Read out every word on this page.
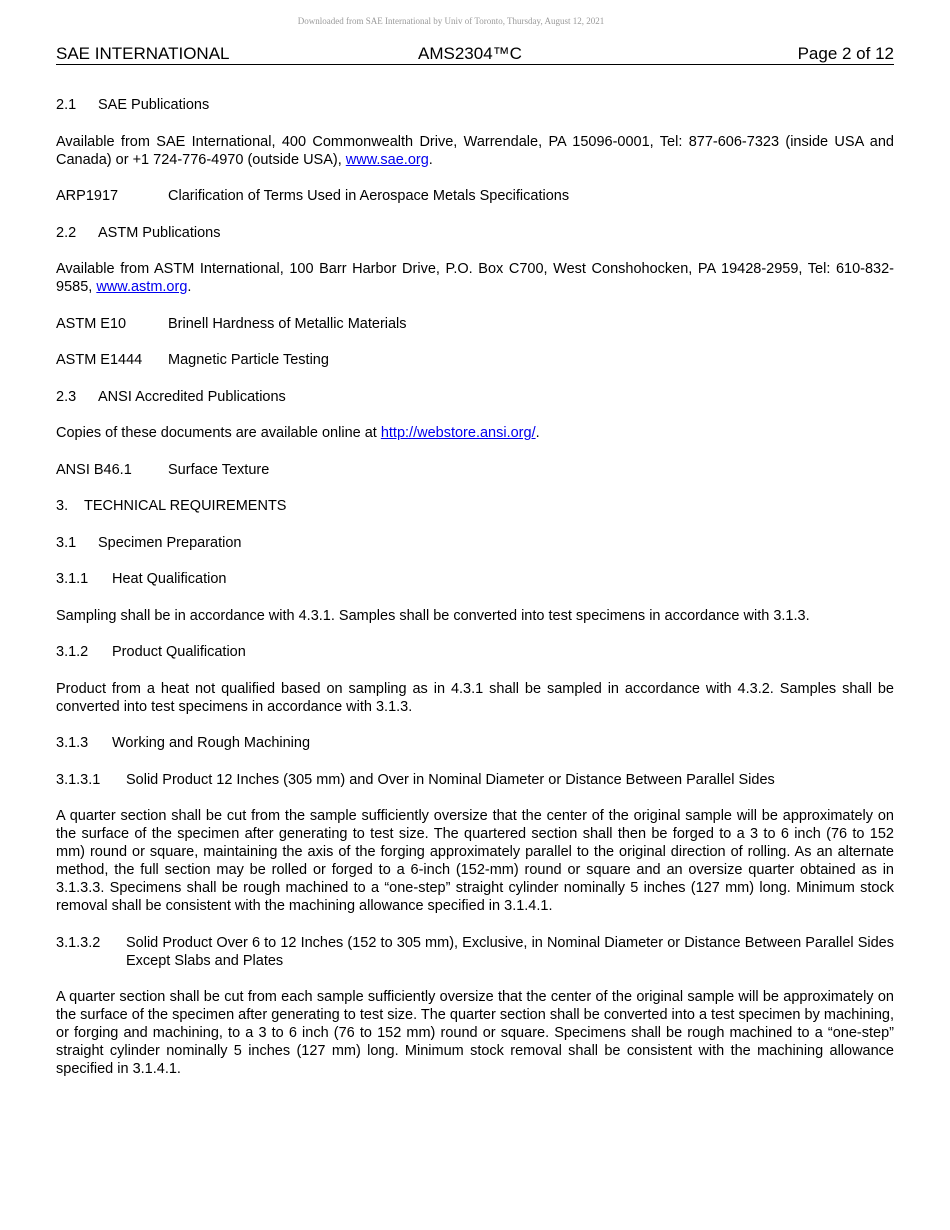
Downloaded from SAE International by Univ of Toronto, Thursday, August 12, 2021
SAE INTERNATIONAL	AMS2304™C	Page 2 of 12

2.1 SAE Publications

Available from SAE International, 400 Commonwealth Drive, Warrendale, PA 15096-0001, Tel: 877-606-7323 (inside USA and Canada) or +1 724-776-4970 (outside USA), www.sae.org.

ARP1917	Clarification of Terms Used in Aerospace Metals Specifications

2.2 ASTM Publications

Available from ASTM International, 100 Barr Harbor Drive, P.O. Box C700, West Conshohocken, PA 19428-2959, Tel: 610-832-9585, www.astm.org.

ASTM E10	Brinell Hardness of Metallic Materials

ASTM E1444 Magnetic Particle Testing

2.3 ANSI Accredited Publications

Copies of these documents are available online at http://webstore.ansi.org/.

ANSI B46.1 Surface Texture

3. TECHNICAL REQUIREMENTS

3.1 Specimen Preparation

3.1.1 Heat Qualification

Sampling shall be in accordance with 4.3.1. Samples shall be converted into test specimens in accordance with 3.1.3.

3.1.2 Product Qualification

Product from a heat not qualified based on sampling as in 4.3.1 shall be sampled in accordance with 4.3.2. Samples shall be converted into test specimens in accordance with 3.1.3.

3.1.3 Working and Rough Machining

3.1.3.1	Solid Product 12 Inches (305 mm) and Over in Nominal Diameter or Distance Between Parallel Sides

A quarter section shall be cut from the sample sufficiently oversize that the center of the original sample will be approximately on the surface of the specimen after generating to test size. The quartered section shall then be forged to a 3 to 6 inch (76 to 152 mm) round or square, maintaining the axis of the forging approximately parallel to the original direction of rolling. As an alternate method, the full section may be rolled or forged to a 6-inch (152-mm) round or square and an oversize quarter obtained as in 3.1.3.3. Specimens shall be rough machined to a “one-step” straight cylinder nominally 5 inches (127 mm) long. Minimum stock removal shall be consistent with the machining allowance specified in 3.1.4.1.

3.1.3.2	Solid Product Over 6 to 12 Inches (152 to 305 mm), Exclusive, in Nominal Diameter or Distance Between Parallel Sides Except Slabs and Plates

A quarter section shall be cut from each sample sufficiently oversize that the center of the original sample will be approximately on the surface of the specimen after generating to test size. The quarter section shall be converted into a test specimen by machining, or forging and machining, to a 3 to 6 inch (76 to 152 mm) round or square. Specimens shall be rough machined to a “one-step” straight cylinder nominally 5 inches (127 mm) long. Minimum stock removal shall be consistent with the machining allowance specified in 3.1.4.1.
